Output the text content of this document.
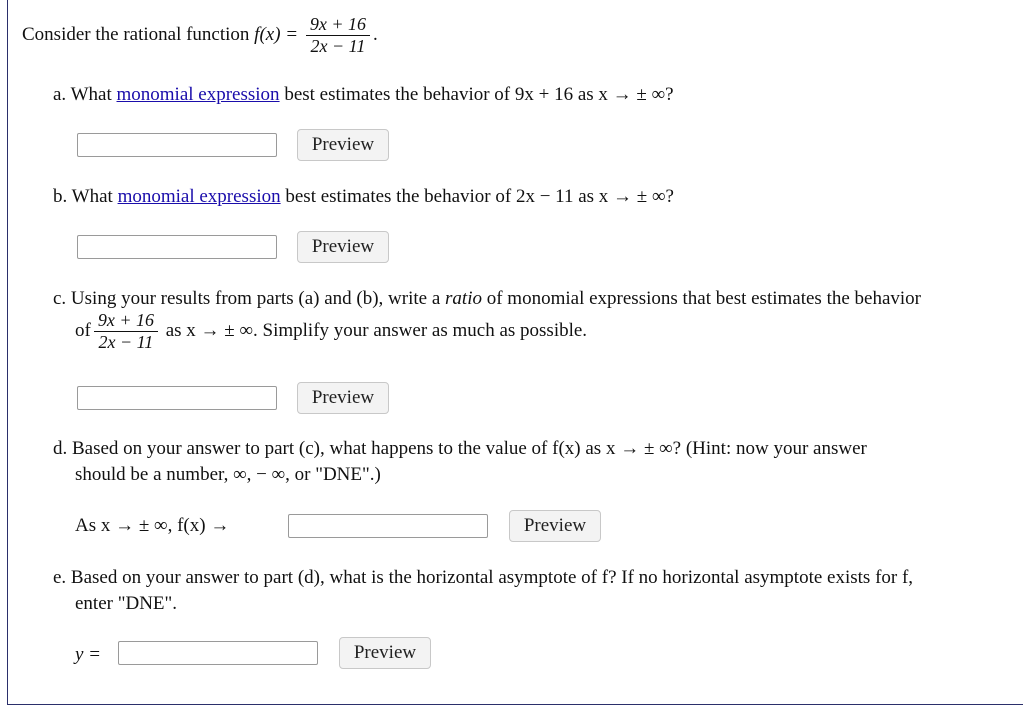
Consider the rational function $f(x) = \frac{9x + 16}{2x - 11}$ .
a. What monomial expression best estimates the behavior of 9x + 16 as x → ± ∞?
Preview
b. What monomial expression best estimates the behavior of 2x − 11 as x → ± ∞?
Preview
c. Using your results from parts (a) and (b), write a ratio of monomial expressions that best estimates the behavior
of $\frac{9x + 16}{2x - 11}$ as x → ± ∞. Simplify your answer as much as possible.
Preview
d. Based on your answer to part (c), what happens to the value of f(x) as x → ± ∞? (Hint: now your answer
should be a number, ∞, − ∞, or "DNE".)
As x → ± ∞, f(x) →	Preview
e. Based on your answer to part (d), what is the horizontal asymptote of f? If no horizontal asymptote exists for f,
enter "DNE".
y =	Preview
